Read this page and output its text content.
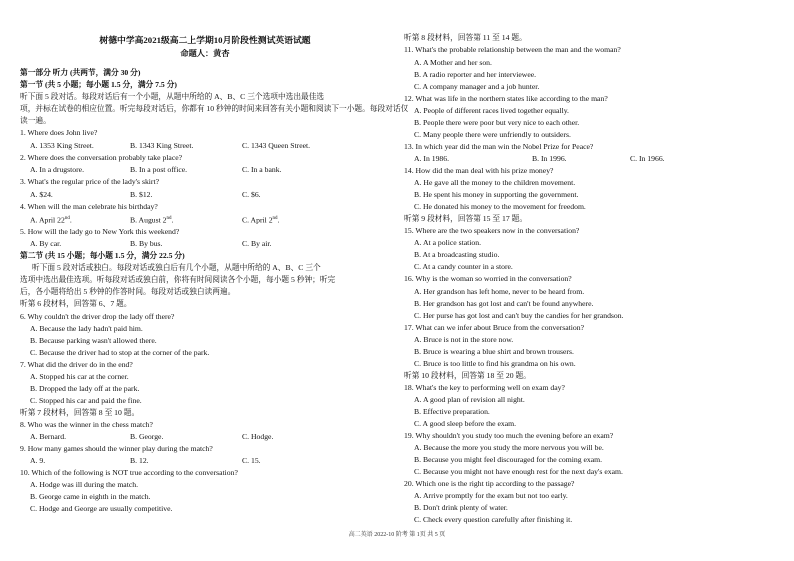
树德中学高2021级高二上学期10月阶段性测试英语试题
命题人：黄杏
第一部分 听力 (共两节，满分 30 分)
第一节 (共 5 小题；每小题 1.5 分，满分 7.5 分)
听下面 5 段对话。每段对话后有一个小题，从题中所给的 A、B、C 三个选项中选出最佳选
项，并标在试卷的相应位置。听完每段对话后，你都有 10 秒钟的时间来回答有关小题和阅读下一小题。每段对话仅
读一遍。
1. Where does John live?
A. 1353 King Street.	B. 1343 King Street.	C. 1343 Queen Street.
2. Where does the conversation probably take place?
A. In a drugstore.	B. In a post office.	C. In a bank.
3. What's the regular price of the lady's skirt?
A. $24.	B. $12.	C. $6.
4. When will the man celebrate his birthday?
A. April 22nd.	B. August 2nd.	C. April 2nd.
5. How will the lady go to New York this weekend?
A. By car.	B. By bus.	C. By air.
第二节 (共 15 小题；每小题 1.5 分，满分 22.5 分)
听下面 5 段对话或独白。每段对话或独白后有几个小题，从题中所给的 A、B、C 三个
选项中选出最佳选项。听每段对话或独白前，你将有时间阅读各个小题，每小题 5 秒钟；听完
后，各小题将给出 5 秒钟的作答时间。每段对话或独白读两遍。
听第 6 段材料，回答第 6、7 题。
6. Why couldn't the driver drop the lady off there?
A. Because the lady hadn't paid him.
B. Because parking wasn't allowed there.
C. Because the driver had to stop at the corner of the park.
7. What did the driver do in the end?
A. Stopped his car at the corner.
B. Dropped the lady off at the park.
C. Stopped his car and paid the fine.
听第 7 段材料，回答第 8 至 10 题。
8. Who was the winner in the chess match?
A. Bernard.	B. George.	C. Hodge.
9. How many games should the winner play during the match?
A. 9.	B. 12.	C. 15.
10. Which of the following is NOT true according to the conversation?
A. Hodge was ill during the match.
B. George came in eighth in the match.
C. Hodge and George are usually competitive.
听第 8 段材料，回答第 11 至 14 题。
11. What's the probable relationship between the man and the woman?
A. A Mother and her son.
B. A radio reporter and her interviewee.
C. A company manager and a job hunter.
12. What was life in the northern states like according to the man?
A. People of different races lived together equally.
B. People there were poor but very nice to each other.
C. Many people there were unfriendly to outsiders.
13. In which year did the man win the Nobel Prize for Peace?
A. In 1986.	B. In 1996.	C. In 1966.
14. How did the man deal with his prize money?
A. He gave all the money to the children movement.
B. He spent his money in supporting the government.
C. He donated his money to the movement for freedom.
听第 9 段材料，回答第 15 至 17 题。
15. Where are the two speakers now in the conversation?
A. At a police station.
B. At a broadcasting studio.
C. At a candy counter in a store.
16. Why is the woman so worried in the conversation?
A. Her grandson has left home, never to be heard from.
B. Her grandson has got lost and can't be found anywhere.
C. Her purse has got lost and can't buy the candies for her grandson.
17. What can we infer about Bruce from the conversation?
A. Bruce is not in the store now.
B. Bruce is wearing a blue shirt and brown trousers.
C. Bruce is too little to find his grandma on his own.
听第 10 段材料，回答第 18 至 20 题。
18. What's the key to performing well on exam day?
A. A good plan of revision all night.
B. Effective preparation.
C. A good sleep before the exam.
19. Why shouldn't you study too much the evening before an exam?
A. Because the more you study the more nervous you will be.
B. Because you might feel discouraged for the coming exam.
C. Because you might not have enough rest for the next day's exam.
20. Which one is the right tip according to the passage?
A. Arrive promptly for the exam but not too early.
B. Don't drink plenty of water.
C. Check every question carefully after finishing it.
高二英语 2022-10 阶考 第 1页 共 5 页
